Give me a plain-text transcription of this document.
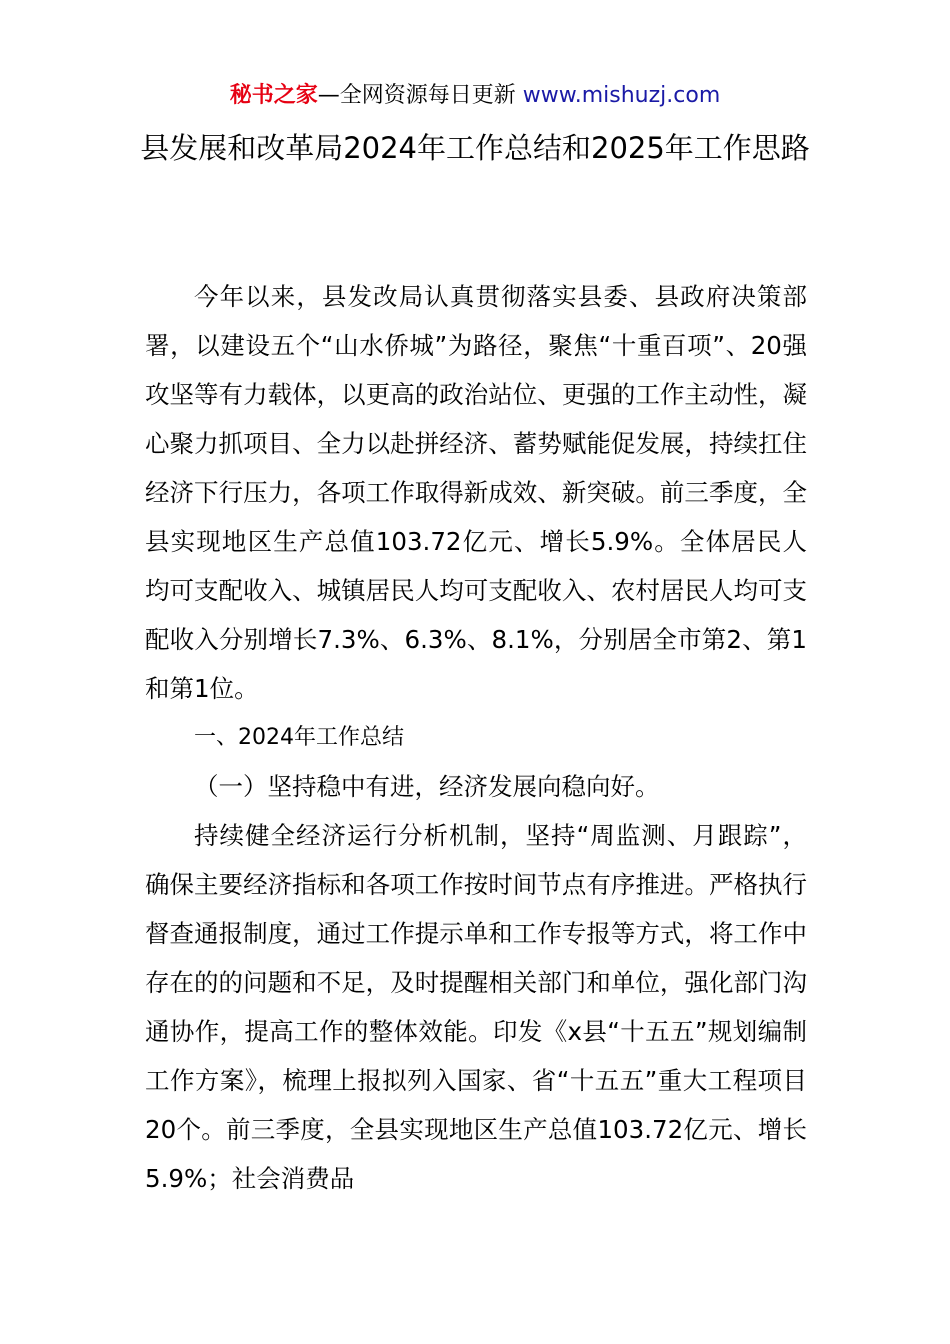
秘书之家—全网资源每日更新 www.mishuzj.com
县发展和改革局2024年工作总结和2025年工作思路

今年以来，县发改局认真贯彻落实县委、县政府决策部署，以建设五个“山水侨城”为路径，聚焦“十重百项”、20强攻坚等有力载体，以更高的政治站位、更强的工作主动性，凝心聚力抓项目、全力以赴拼经济、蓄势赋能促发展，持续扛住经济下行压力，各项工作取得新成效、新突破。前三季度，全县实现地区生产总值103.72亿元、增长5.9%。全体居民人均可支配收入、城镇居民人均可支配收入、农村居民人均可支配收入分别增长7.3%、6.3%、8.1%，分别居全市第2、第1和第1位。

一、2024年工作总结

（一）坚持稳中有进，经济发展向稳向好。

持续健全经济运行分析机制，坚持“周监测、月跟踪”，确保主要经济指标和各项工作按时间节点有序推进。严格执行督查通报制度，通过工作提示单和工作专报等方式，将工作中存在的的问题和不足，及时提醒相关部门和单位，强化部门沟通协作，提高工作的整体效能。印发《x县“十五五”规划编制工作方案》，梳理上报拟列入国家、省“十五五”重大工程项目20个。前三季度，全县实现地区生产总值103.72亿元、增长5.9%；社会消费品
